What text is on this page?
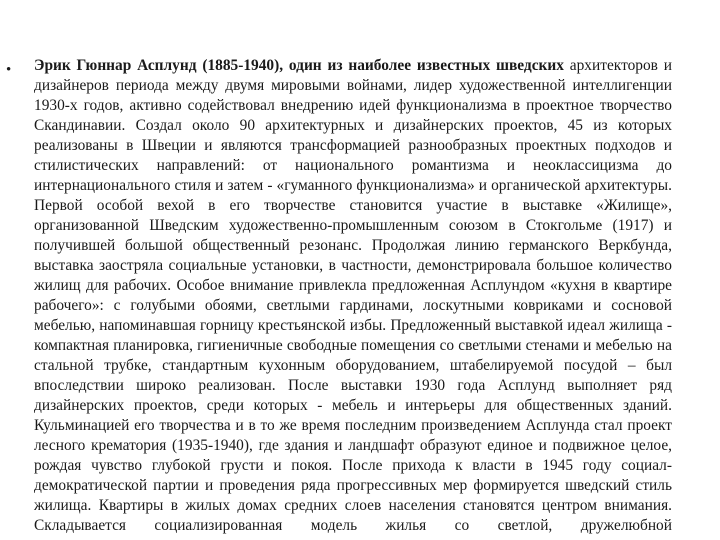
• Эрик Гюннар Асплунд (1885-1940), один из наиболее известных шведских архитекторов и дизайнеров периода между двумя мировыми войнами, лидер художественной интеллигенции 1930-х годов, активно содействовал внедрению идей функционализма в проектное творчество Скандинавии. Создал около 90 архитектурных и дизайнерских проектов, 45 из которых реализованы в Швеции и являются трансформацией разнообразных проектных подходов и стилистических направлений: от национального романтизма и неоклассицизма до интернационального стиля и затем - «гуманного функционализма» и органической архитектуры. Первой особой вехой в его творчестве становится участие в выставке «Жилище», организованной Шведским художественно-промышленным союзом в Стокгольме (1917) и получившей большой общественный резонанс. Продолжая линию германского Веркбунда, выставка заостряла социальные установки, в частности, демонстрировала большое количество жилищ для рабочих. Особое внимание привлекла предложенная Асплундом «кухня в квартире рабочего»: с голубыми обоями, светлыми гардинами, лоскутными ковриками и сосновой мебелью, напоминавшая горницу крестьянской избы. Предложенный выставкой идеал жилища - компактная планировка, гигиеничные свободные помещения со светлыми стенами и мебелью на стальной трубке, стандартным кухонным оборудованием, штабелируемой посудой – был впоследствии широко реализован. После выставки 1930 года Асплунд выполняет ряд дизайнерских проектов, среди которых - мебель и интерьеры для общественных зданий. Кульминацией его творчества и в то же время последним произведением Асплунда стал проект лесного крематория (1935-1940), где здания и ландшафт образуют единое и подвижное целое, рождая чувство глубокой грусти и покоя. После прихода к власти в 1945 году социал-демократической партии и проведения ряда прогрессивных мер формируется шведский стиль жилища. Квартиры в жилых домах средних слоев населения становятся центром внимания. Складывается социализированная модель жилья со светлой, дружелюбной
